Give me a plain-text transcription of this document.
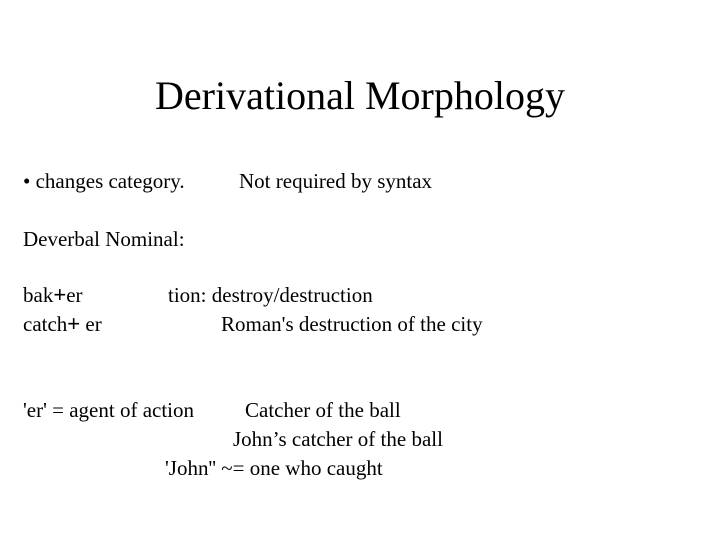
Derivational Morphology
• changes category.	Not required by syntax
Deverbal Nominal:
bak+er
catch+ er
tion: destroy/destruction
Roman's destruction of the city
'er' = agent of action Catcher of the ball
John’s catcher of the ball
'John'' ~= one who caught
